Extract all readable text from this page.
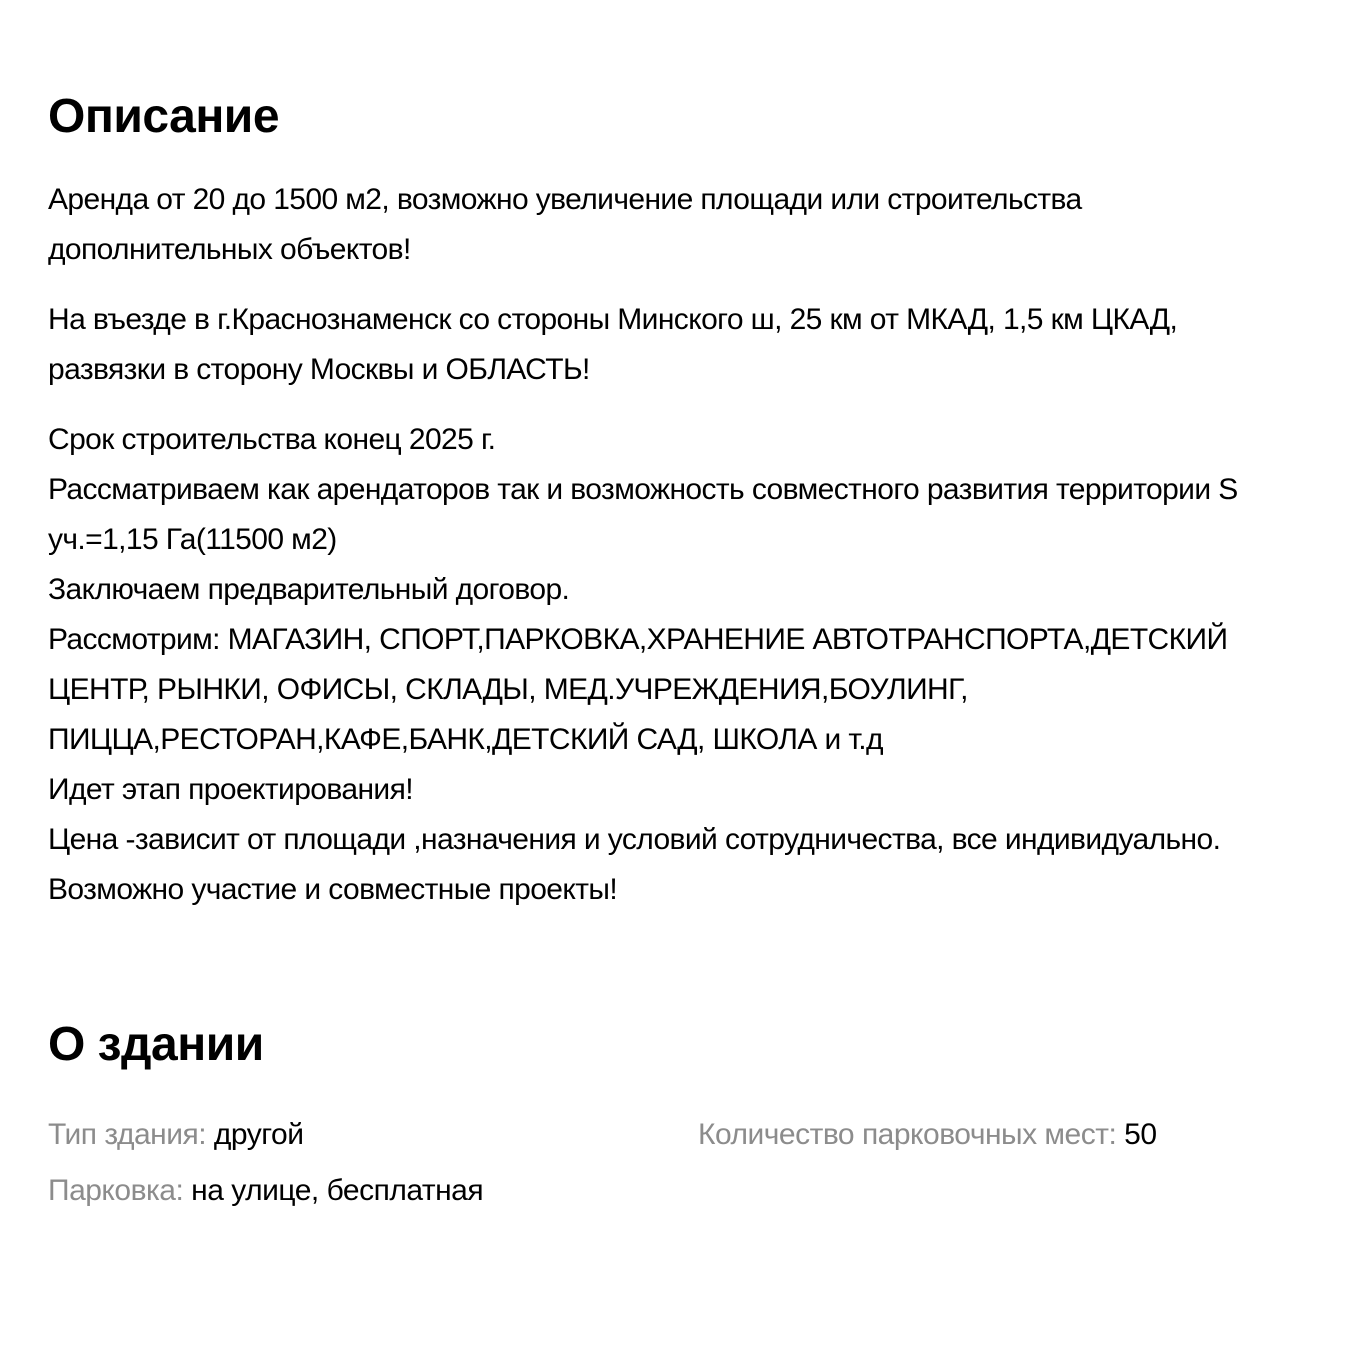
Описание

Аренда от 20 до 1500 м2, возможно увеличение площади или строительства дополнительных объектов!

На въезде в г.Краснознаменск со стороны Минского ш, 25 км от МКАД, 1,5 км ЦКАД, развязки в сторону Москвы и ОБЛАСТЬ!

Срок строительства конец 2025 г.

Рассматриваем как арендаторов так и возможность совместного развития территории S уч.=1,15 Га(11500 м2)

Заключаем предварительный договор.

Рассмотрим: МАГАЗИН, СПОРТ,ПАРКОВКА,ХРАНЕНИЕ АВТОТРАНСПОРТА,ДЕТСКИЙ ЦЕНТР, РЫНКИ, ОФИСЫ, СКЛАДЫ, МЕД.УЧРЕЖДЕНИЯ,БОУЛИНГ, ПИЦЦА,РЕСТОРАН,КАФЕ,БАНК,ДЕТСКИЙ САД, ШКОЛА и т.д

Идет этап проектирования!

Цена -зависит от площади ,назначения и условий сотрудничества, все индивидуально.

Возможно участие и совместные проекты!

О здании
Тип здания: другой	Количество парковочных мест: 50
Парковка: на улице, бесплатная
